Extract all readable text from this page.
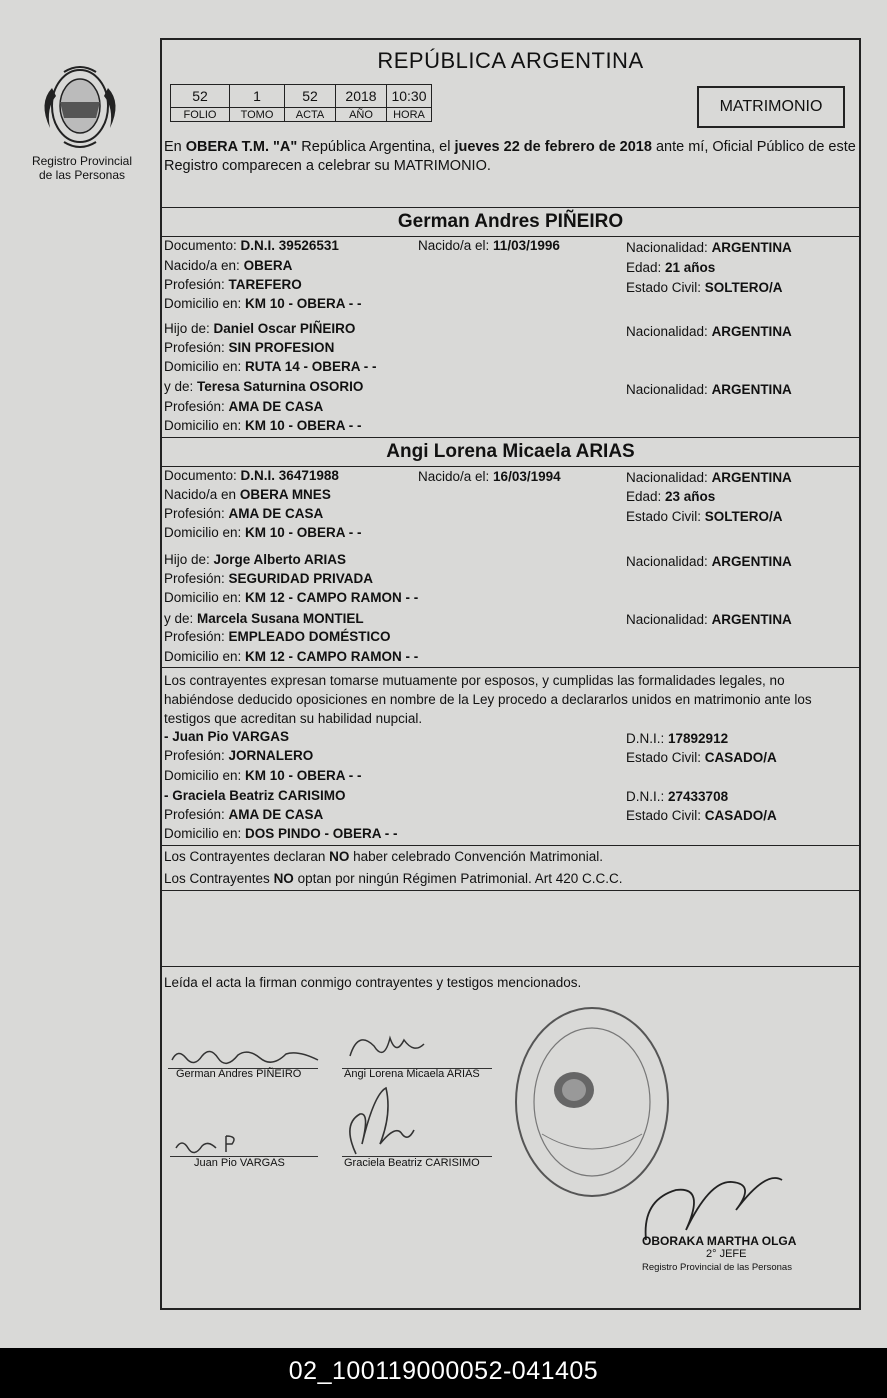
Registro Provincial
de las Personas
REPÚBLICA ARGENTINA
52	1	52	2018	10:30
FOLIO	TOMO	ACTA	AÑO	HORA	MATRIMONIO
En OBERA T.M. "A" República Argentina, el jueves 22 de febrero de 2018 ante mí, Oficial Público de este Registro comparecen a celebrar su MATRIMONIO.
German Andres PIÑEIRO
Documento: D.N.I. 39526531	Nacido/a el: 11/03/1996	Nacionalidad: ARGENTINA
Nacido/a en: OBERA	Edad: 21 años
Profesión: TAREFERO	Estado Civil: SOLTERO/A
Domicilio en: KM 10 - OBERA - -
Hijo de: Daniel Oscar PIÑEIRO	Nacionalidad: ARGENTINA
Profesión: SIN PROFESION
Domicilio en: RUTA 14 - OBERA - -
y de: Teresa Saturnina OSORIO	Nacionalidad: ARGENTINA
Profesión: AMA DE CASA
Domicilio en: KM 10 - OBERA - -
Angi Lorena Micaela ARIAS
Documento: D.N.I. 36471988	Nacido/a el: 16/03/1994	Nacionalidad: ARGENTINA
Nacido/a en OBERA MNES	Edad: 23 años
Profesión: AMA DE CASA	Estado Civil: SOLTERO/A
Domicilio en: KM 10 - OBERA - -
Hijo de: Jorge Alberto ARIAS	Nacionalidad: ARGENTINA
Profesión: SEGURIDAD PRIVADA
Domicilio en: KM 12 - CAMPO RAMON - -
y de: Marcela Susana MONTIEL	Nacionalidad: ARGENTINA
Profesión: EMPLEADO DOMÉSTICO
Domicilio en: KM 12 - CAMPO RAMON - -
Los contrayentes expresan tomarse mutuamente por esposos, y cumplidas las formalidades legales, no habiéndose deducido oposiciones en nombre de la Ley procedo a declararlos unidos en matrimonio ante los testigos que acreditan su habilidad nupcial.
- Juan Pio VARGAS	D.N.I.: 17892912
Profesión: JORNALERO	Estado Civil: CASADO/A
Domicilio en: KM 10 - OBERA - -
- Graciela Beatriz CARISIMO	D.N.I.: 27433708
Profesión: AMA DE CASA	Estado Civil: CASADO/A
Domicilio en: DOS PINDO - OBERA - -
Los Contrayentes declaran NO haber celebrado Convención Matrimonial.
Los Contrayentes NO optan por ningún Régimen Patrimonial. Art 420 C.C.C.
Leída el acta la firman conmigo contrayentes y testigos mencionados.
German Andres PIÑEIRO	Angi Lorena Micaela ARIAS
Juan Pio VARGAS	Graciela Beatriz CARISIMO
OBORAKA MARTHA OLGA
2° JEFE
Registro Provincial de las Personas
02_100119000052-041405
